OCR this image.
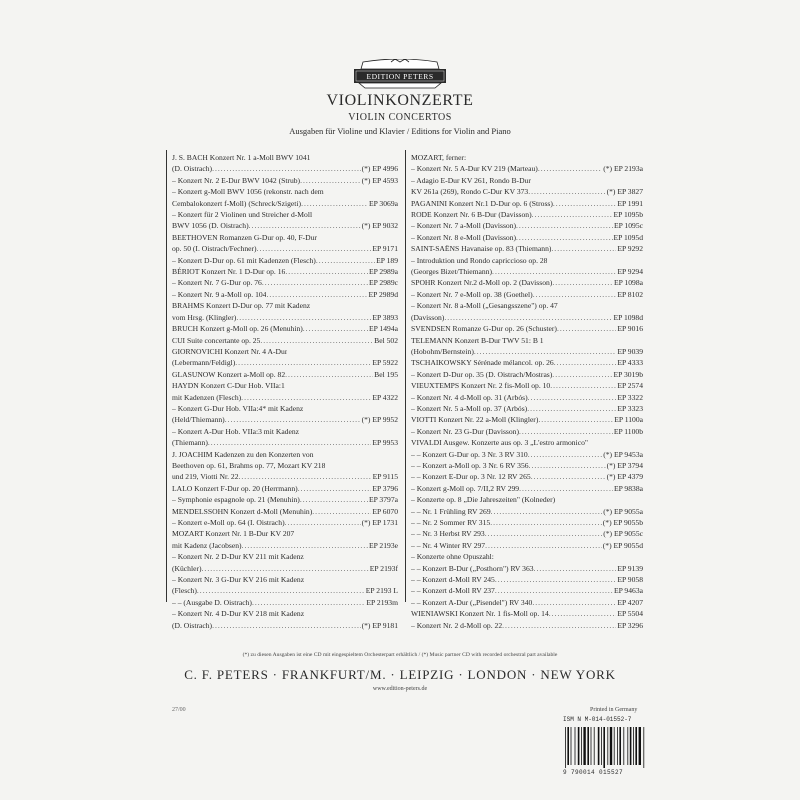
EDITION PETERS
VIOLINKONZERTE
VIOLIN CONCERTOS
Ausgaben für Violine und Klavier / Editions for Violin and Piano
J. S. BACH Konzert Nr. 1 a-Moll BWV 1041
(D. Oistrach) .....	(*) EP 4996
– Konzert Nr. 2 E-Dur BWV 1042 (Strub) .....	(*) EP 4593
– Konzert g-Moll BWV 1056 (rekonstr. nach dem
Cembalokonzert f-Moll) (Schreck/Szigeti) .....	EP 3069a
– Konzert für 2 Violinen und Streicher d-Moll
BWV 1056 (D. Oistrach) .....	(*) EP 9032
BEETHOVEN Romanzen G-Dur op. 40, F-Dur
op. 50 (I. Oistrach/Fechner) .....	EP 9171
– Konzert D-Dur op. 61 mit Kadenzen (Flesch) .....	EP 189
BÉRIOT Konzert Nr. 1 D-Dur op. 16 .....	EP 2989a
– Konzert Nr. 7 G-Dur op. 76 .....	EP 2989c
– Konzert Nr. 9 a-Moll op. 104 .....	EP 2989d
BRAHMS Konzert D-Dur op. 77 mit Kadenz
vom Hrsg. (Klingler) .....	EP 3893
BRUCH Konzert g-Moll op. 26 (Menuhin) .....	EP 1494a
CUI Suite concertante op. 25 .....	Bel 502
GIORNOVICHI Konzert Nr. 4 A-Dur
(Lebermann/Feldigl) .....	EP 5922
GLASUNOW Konzert a-Moll op. 82 .....	Bel 195
HAYDN Konzert C-Dur Hob. VIIa:1
mit Kadenzen (Flesch) .....	EP 4322
– Konzert G-Dur Hob. VIIa:4* mit Kadenz
(Held/Thiemann) .....	(*) EP 9952
– Konzert A-Dur Hob. VIIa:3 mit Kadenz
(Thiemann) .....	EP 9953
J. JOACHIM Kadenzen zu den Konzerten von
Beethoven op. 61, Brahms op. 77, Mozart KV 218
und 219, Viotti Nr. 22 .....	EP 9115
LALO Konzert F-Dur op. 20 (Herrmann) .....	EP 3796
– Symphonie espagnole op. 21 (Menuhin) .....	EP 3797a
MENDELSSOHN Konzert d-Moll (Menuhin) .....	EP 6070
– Konzert e-Moll op. 64 (I. Oistrach) .....	(*) EP 1731
MOZART Konzert Nr. 1 B-Dur KV 207
mit Kadenz (Jacobsen) .....	EP 2193e
– Konzert Nr. 2 D-Dur KV 211 mit Kadenz
(Küchler) .....	EP 2193f
– Konzert Nr. 3 G-Dur KV 216 mit Kadenz
(Flesch) .....	EP 2193 L
– – (Ausgabe D. Oistrach) .....	EP 2193m
– Konzert Nr. 4 D-Dur KV 218 mit Kadenz
(D. Oistrach) .....	(*) EP 9181
MOZART, ferner:
– Konzert Nr. 5 A-Dur KV 219 (Marteau) .....	(*) EP 2193a
– Adagio E-Dur KV 261, Rondo B-Dur
KV 261a (269), Rondo C-Dur KV 373 .....	(*) EP 3827
PAGANINI Konzert Nr.1 D-Dur op. 6 (Stross) .....	EP 1991
RODE Konzert Nr. 6 B-Dur (Davisson) .....	EP 1095b
– Konzert Nr. 7 a-Moll (Davisson) .....	EP 1095c
– Konzert Nr. 8 e-Moll (Davisson) .....	EP 1095d
SAINT-SAËNS Havanaise op. 83 (Thiemann) .....	EP 9292
– Introduktion und Rondo capriccioso op. 28
(Georges Bizet/Thiemann) .....	EP 9294
SPOHR Konzert Nr.2 d-Moll op. 2 (Davisson) .....	EP 1098a
– Konzert Nr. 7 e-Moll op. 38 (Goethel) .....	EP 8102
– Konzert Nr. 8 a-Moll („Gesangsszene") op. 47
(Davisson) .....	EP 1098d
SVENDSEN Romanze G-Dur op. 26 (Schuster) .....	EP 9016
TELEMANN Konzert B-Dur TWV 51: B 1
(Hobohm/Bernstein) .....	EP 9039
TSCHAIKOWSKY Sérénade mélancol. op. 26 .....	EP 4333
– Konzert D-Dur op. 35 (D. Oistrach/Mostras) .....	EP 3019b
VIEUXTEMPS Konzert Nr. 2 fis-Moll op. 10 .....	EP 2574
– Konzert Nr. 4 d-Moll op. 31 (Arbós) .....	EP 3322
– Konzert Nr. 5 a-Moll op. 37 (Arbós) .....	EP 3323
VIOTTI Konzert Nr. 22 a-Moll (Klingler) .....	EP 1100a
– Konzert Nr. 23 G-Dur (Davisson) .....	EP 1100b
VIVALDI Ausgew. Konzerte aus op. 3 „L'estro armonico"
– – Konzert G-Dur op. 3 Nr. 3 RV 310 .....	(*) EP 9453a
– – Konzert a-Moll op. 3 Nr. 6 RV 356 .....	(*) EP 3794
– – Konzert E-Dur op. 3 Nr. 12 RV 265 .....	(*) EP 4379
– Konzert g-Moll op. 7/II,2 RV 299 .....	EP 9838a
– Konzerte op. 8 „Die Jahreszeiten" (Kolneder)
– – Nr. 1 Frühling RV 269 .....	(*) EP 9055a
– – Nr. 2 Sommer RV 315 .....	(*) EP 9055b
– – Nr. 3 Herbst RV 293 .....	(*) EP 9055c
– – Nr. 4 Winter RV 297 .....	(*) EP 9055d
– Konzerte ohne Opuszahl:
– – Konzert B-Dur („Posthorn") RV 363 .....	EP 9139
– – Konzert d-Moll RV 245 .....	EP 9058
– – Konzert d-Moll RV 237 .....	EP 9463a
– – Konzert A-Dur („Pisendel") RV 340 .....	EP 4207
WIENIAWSKI Konzert Nr. 1 fis-Moll op. 14 .....	EP 5504
– Konzert Nr. 2 d-Moll op. 22 .....	EP 3296
(*) zu diesen Ausgaben ist eine CD mit eingespieltem Orchesterpart erhältlich / (*) Music partner CD with recorded orchestral part available
C. F. PETERS · FRANKFURT/M. · LEIPZIG · LONDON · NEW YORK
www.edition-peters.de
27/00	Printed in Germany
ISM N M-014-01552-7
9 790014 015527
